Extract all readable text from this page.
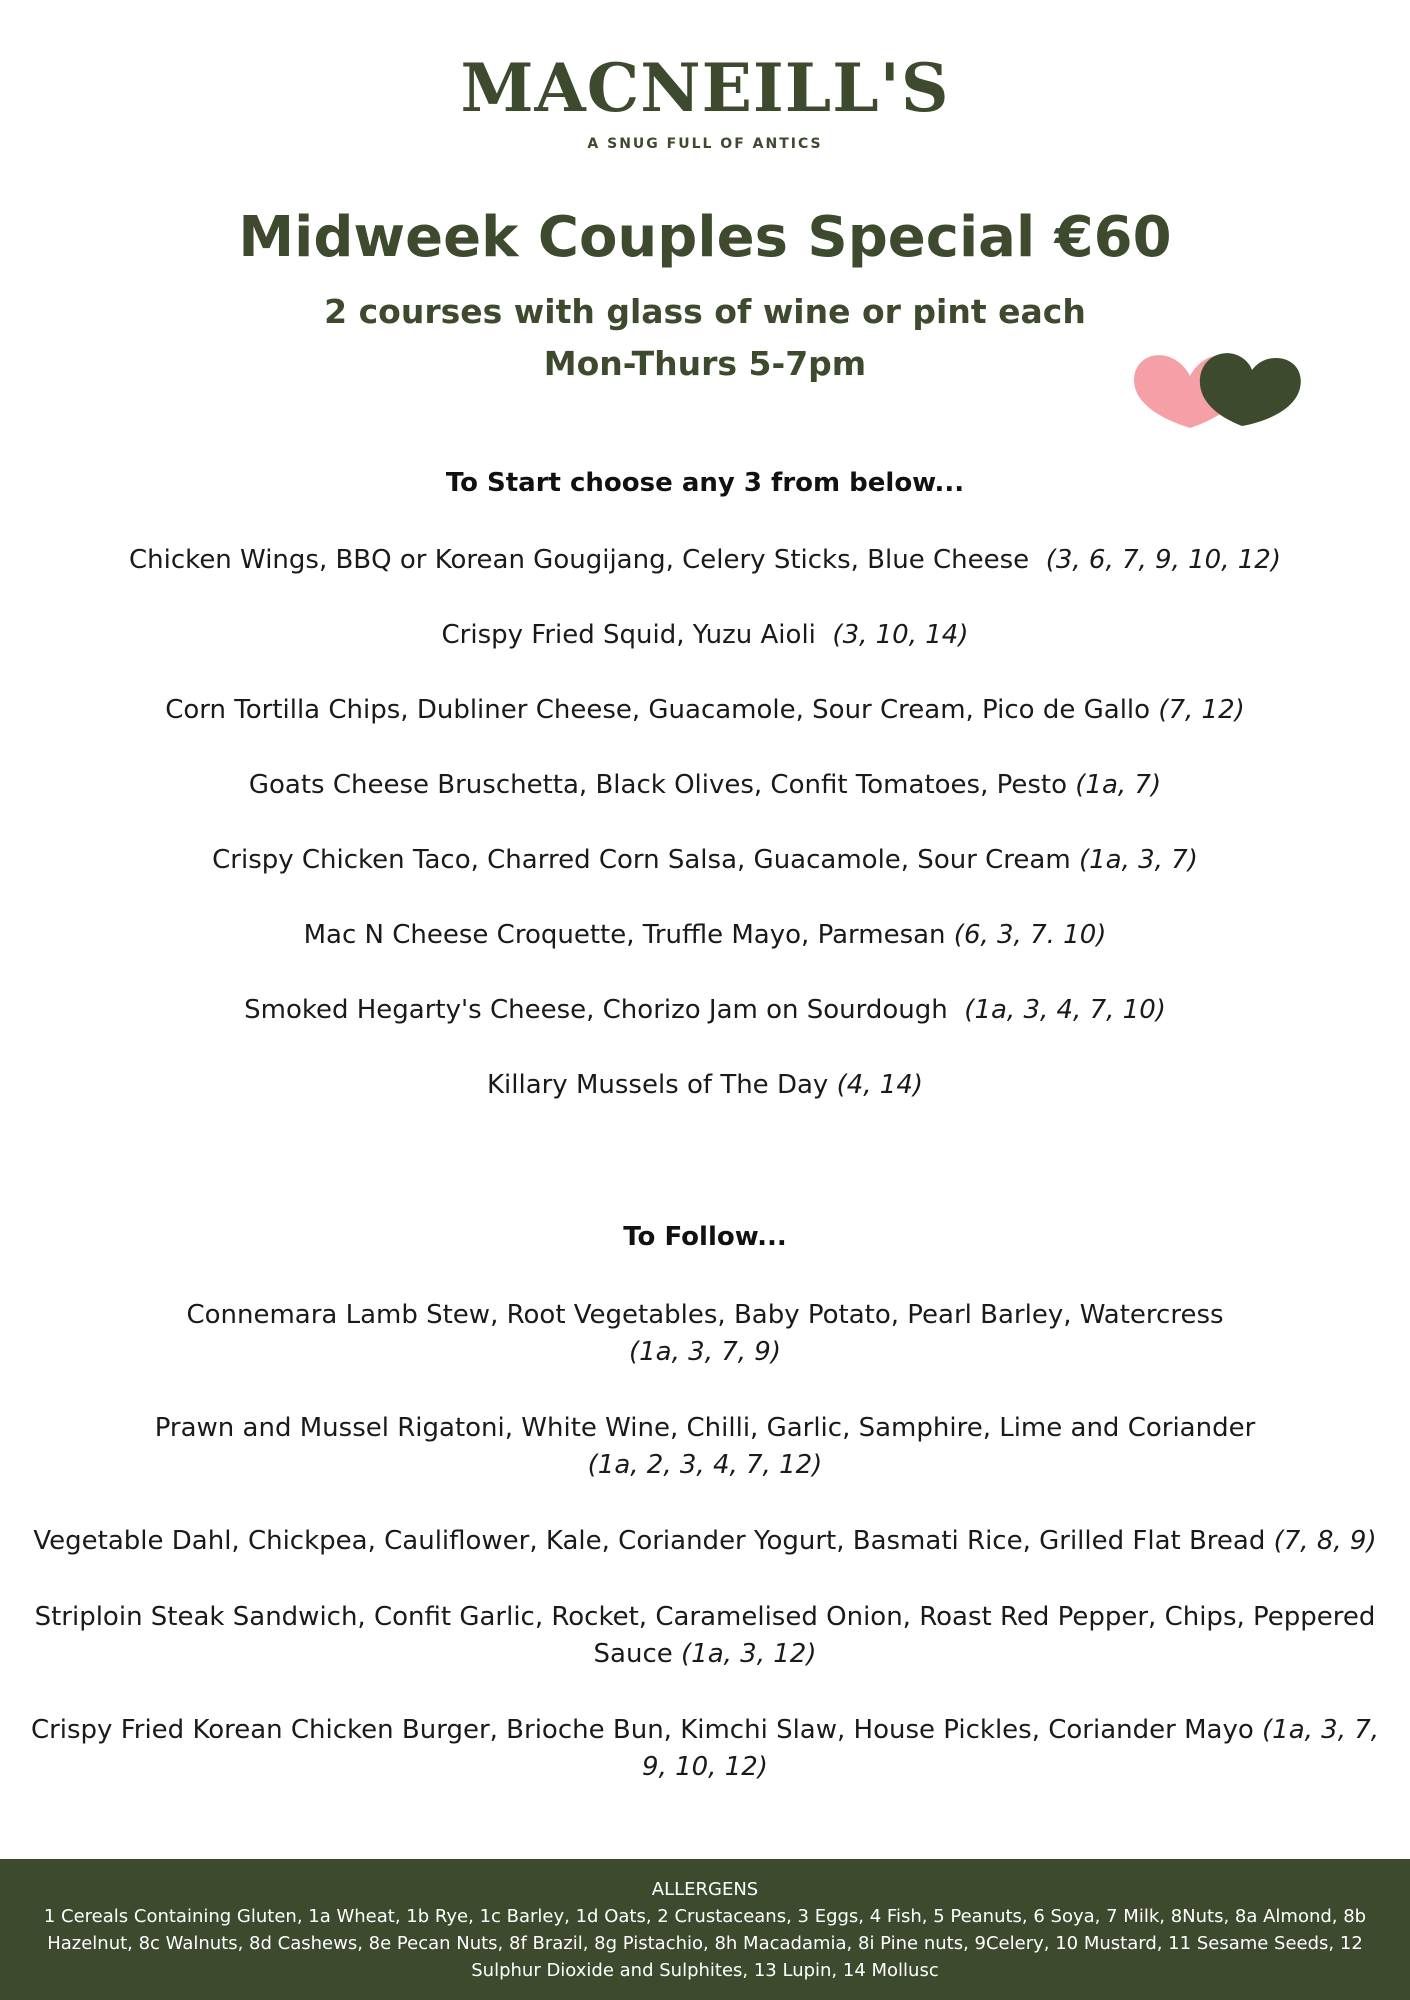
MACNEILL'S
A SNUG FULL OF ANTICS
Midweek Couples Special €60
2 courses with glass of wine or pint each
Mon-Thurs 5-7pm
To Start choose any 3 from below...
Chicken Wings, BBQ or Korean Gougijang, Celery Sticks, Blue Cheese (3, 6, 7, 9, 10, 12)
Crispy Fried Squid, Yuzu Aioli (3, 10, 14)
Corn Tortilla Chips, Dubliner Cheese, Guacamole, Sour Cream, Pico de Gallo (7, 12)
Goats Cheese Bruschetta, Black Olives, Confit Tomatoes, Pesto (1a, 7)
Crispy Chicken Taco, Charred Corn Salsa, Guacamole, Sour Cream (1a, 3, 7)
Mac N Cheese Croquette, Truffle Mayo, Parmesan (6, 3, 7. 10)
Smoked Hegarty's Cheese, Chorizo Jam on Sourdough (1a, 3, 4, 7, 10)
Killary Mussels of The Day (4, 14)
To Follow...
Connemara Lamb Stew, Root Vegetables, Baby Potato, Pearl Barley, Watercress
(1a, 3, 7, 9)
Prawn and Mussel Rigatoni, White Wine, Chilli, Garlic, Samphire, Lime and Coriander
(1a, 2, 3, 4, 7, 12)
Vegetable Dahl, Chickpea, Cauliflower, Kale, Coriander Yogurt, Basmati Rice, Grilled Flat Bread (7, 8, 9)
Striploin Steak Sandwich, Confit Garlic, Rocket, Caramelised Onion, Roast Red Pepper, Chips, Peppered Sauce (1a, 3, 12)
Crispy Fried Korean Chicken Burger, Brioche Bun, Kimchi Slaw, House Pickles, Coriander Mayo (1a, 3, 7, 9, 10, 12)
ALLERGENS
1 Cereals Containing Gluten, 1a Wheat, 1b Rye, 1c Barley, 1d Oats, 2 Crustaceans, 3 Eggs, 4 Fish, 5 Peanuts, 6 Soya, 7 Milk, 8Nuts, 8a Almond, 8b Hazelnut, 8c Walnuts, 8d Cashews, 8e Pecan Nuts, 8f Brazil, 8g Pistachio, 8h Macadamia, 8i Pine nuts, 9Celery, 10 Mustard, 11 Sesame Seeds, 12 Sulphur Dioxide and Sulphites, 13 Lupin, 14 Mollusc
